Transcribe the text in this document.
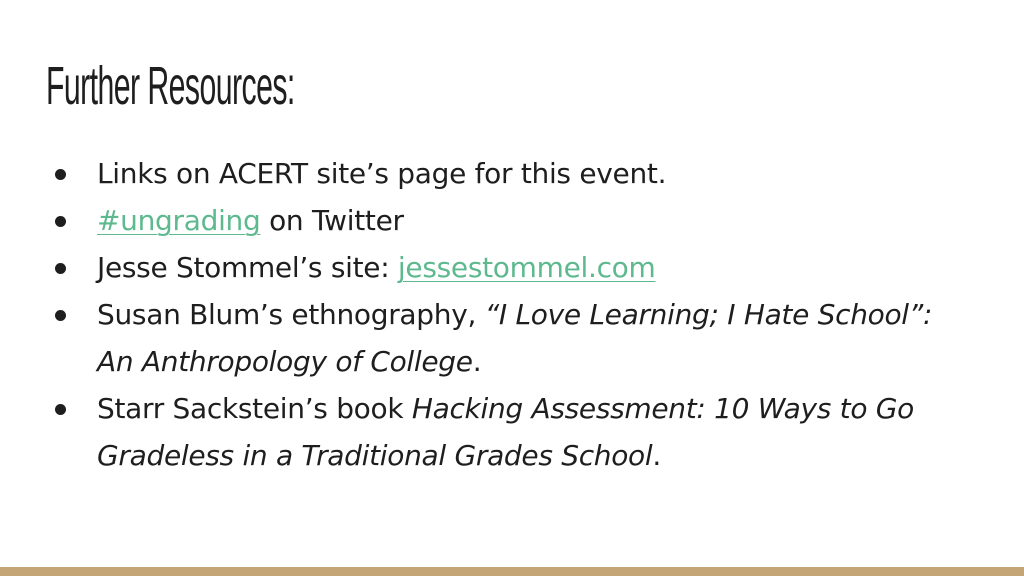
Further Resources:
Links on ACERT site’s page for this event.
#ungrading on Twitter
Jesse Stommel’s site: jessestommel.com
Susan Blum’s ethnography, “I Love Learning; I Hate School”: An Anthropology of College.
Starr Sackstein’s book Hacking Assessment: 10 Ways to Go Gradeless in a Traditional Grades School.
